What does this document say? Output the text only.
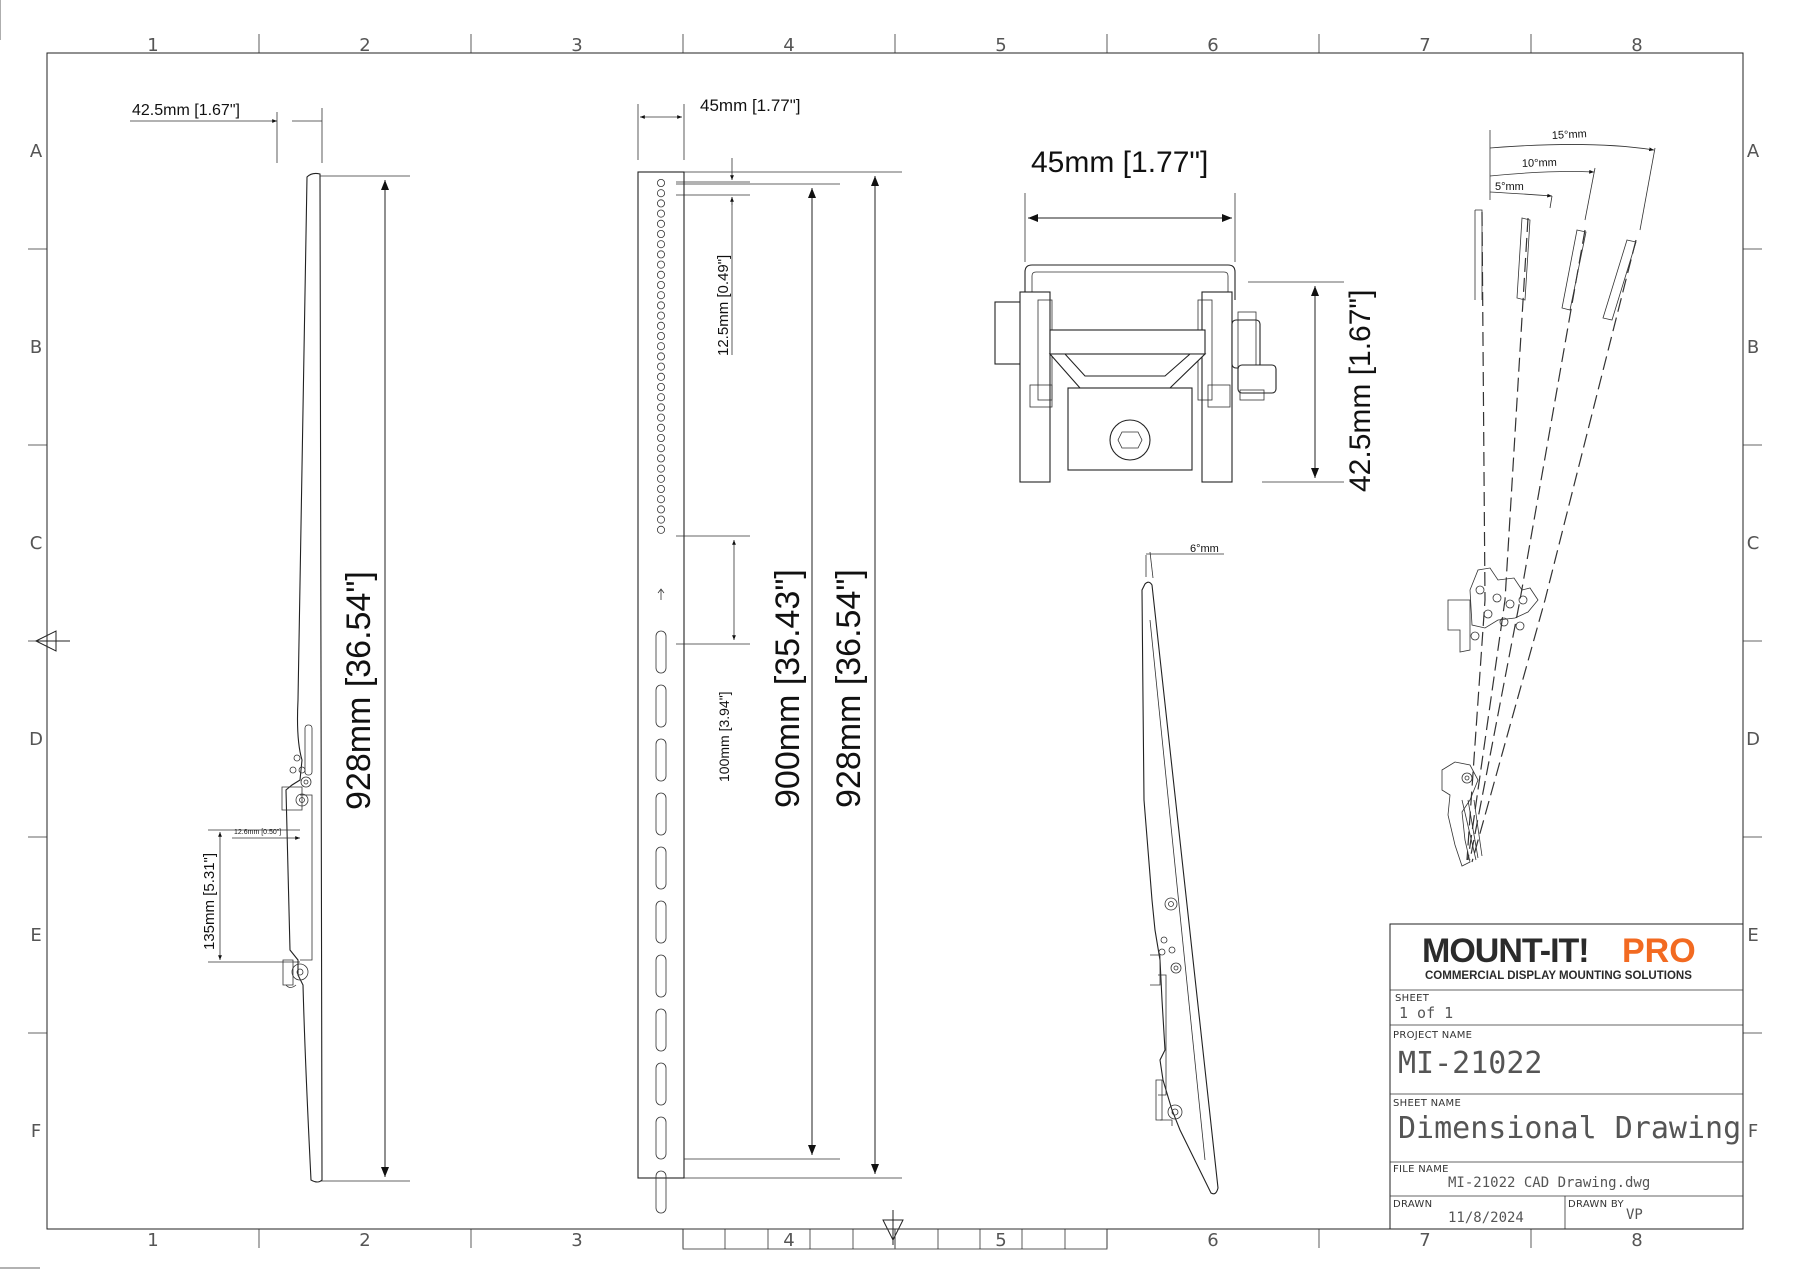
1
1
2
2
3
3
4
4
5
5
6
6
7
7
8
8
A	A
B	B
C	C
D	D
E	E
F	F
42.5mm [1.67"]
928mm [36.54"]
135mm [5.31"]
12.6mm [0.50"]
45mm [1.77"]
12.5mm [0.49"]
100mm [3.94"] 900mm [35.43"] 928mm [36.54"]
45mm [1.77"]
42.5mm [1.67"]
6°mm
5°mm
10°mm
15°mm
MOUNT-IT! PRO
COMMERCIAL DISPLAY MOUNTING SOLUTIONS
SHEET
1 of 1
PROJECT NAME
MI-21022
SHEET NAME
Dimensional Drawing
FILE NAME
MI-21022 CAD Drawing.dwg
DRAWN
11/8/2024
DRAWN BY
VP
